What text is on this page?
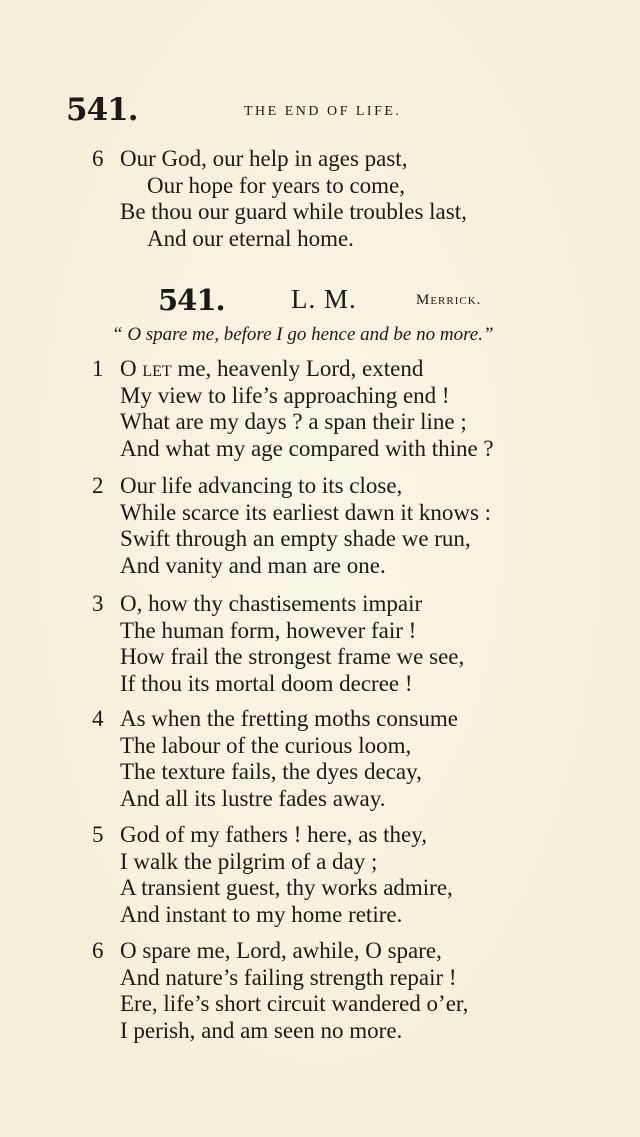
541.	THE END OF LIFE.
6 Our God, our help in ages past,
Our hope for years to come,
Be thou our guard while troubles last,
And our eternal home.
541. L. M.	Merrick.
“ O spare me, before I go hence and be no more.”
1 O let me, heavenly Lord, extend
My view to life’s approaching end !
What are my days ? a span their line ;
And what my age compared with thine ?
2 Our life advancing to its close,
While scarce its earliest dawn it knows :
Swift through an empty shade we run,
And vanity and man are one.
3 O, how thy chastisements impair
The human form, however fair !
How frail the strongest frame we see,
If thou its mortal doom decree !
4 As when the fretting moths consume
The labour of the curious loom,
The texture fails, the dyes decay,
And all its lustre fades away.
5 God of my fathers ! here, as they,
I walk the pilgrim of a day ;
A transient guest, thy works admire,
And instant to my home retire.
6 O spare me, Lord, awhile, O spare,
And nature’s failing strength repair !
Ere, life’s short circuit wandered o’er,
I perish, and am seen no more.
